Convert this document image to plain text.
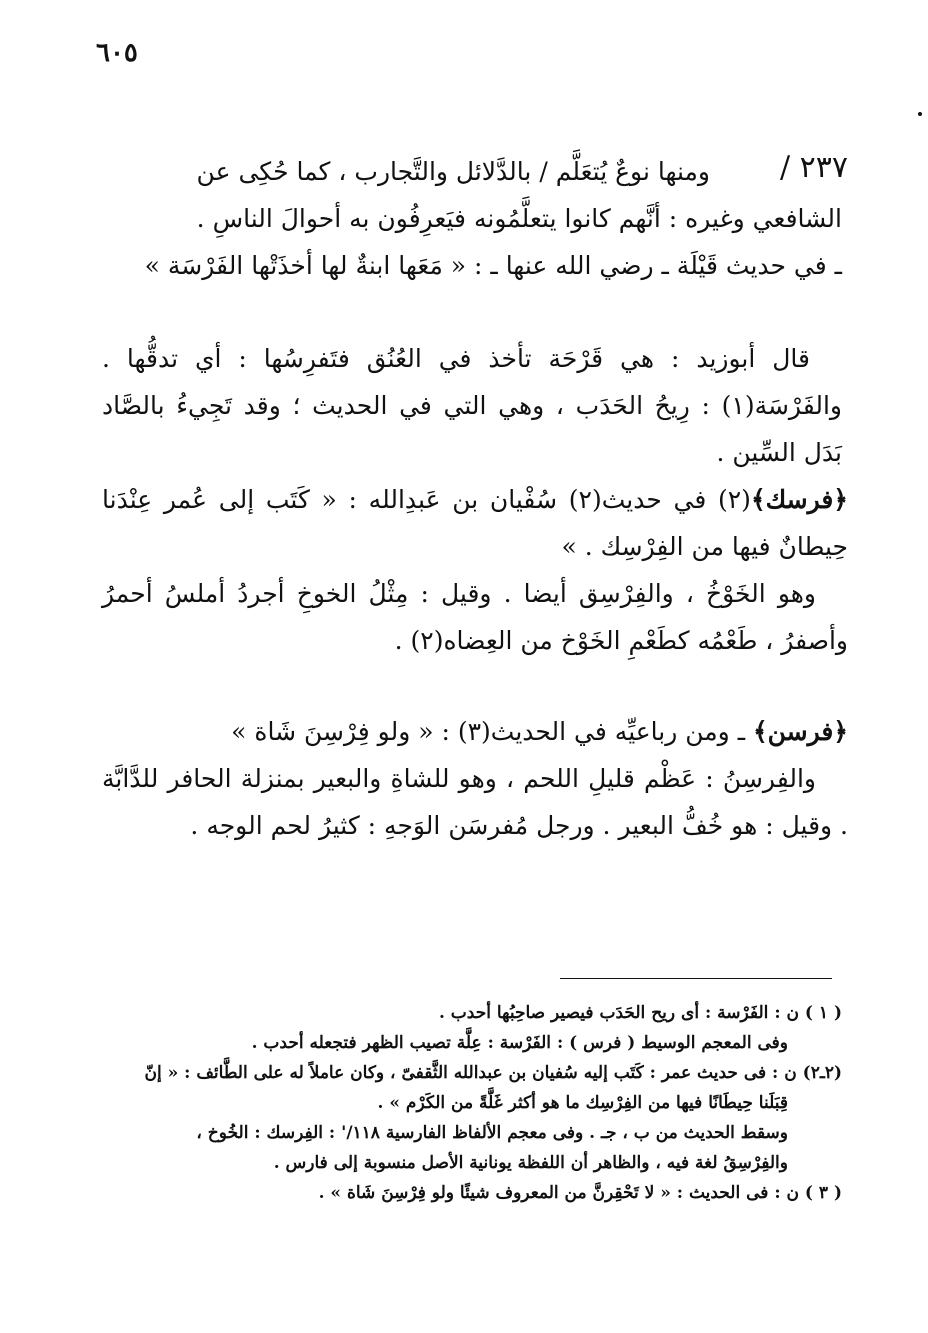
٦٠٥
٢٣٧ /

ومنها نوعٌ يُتعَلَّم / بالدَّلائل والتَّجارب ، كما حُكِى عن

الشافعي وغيره : أنَّهم كانوا يتعلَّمُونه فيَعرِفُون به أحوالَ الناسِ .

ـ في حديث قَيْلَة ـ رضي الله عنها ـ : « مَعَها ابنةٌ لها أخذَتْها الفَرْسَة »

قال أبوزيد : هي قَرْحَة تأخذ في العُنُق فتَفرِسُها : أي تدقُّها . والفَرْسَة(١) : رِيحُ الحَدَب ، وهي التي في الحديث ؛ وقد تَجِيءُ بالصَّاد بَدَل السِّين .

﴿فرسك﴾(٢) في حديث(٢) سُفْيان بن عَبدِالله : « كَتَب إلى عُمر عِنْدَنا حِيطانٌ فيها من الفِرْسِك . »

وهو الخَوْخُ ، والفِرْسِق أيضا . وقيل : مِثْلُ الخوخِ أجردُ أملسُ أحمرُ وأصفرُ ، طَعْمُه كطَعْمِ الخَوْخ من العِضاه(٢) .

﴿فرسن﴾ ـ ومن رباعيِّه في الحديث(٣) : « ولو فِرْسِنَ شَاة »

والفِرسِنُ : عَظْم قليلِ اللحم ، وهو للشاةِ والبعير بمنزلة الحافر للدَّابَّة . وقيل : هو خُفُّ البعير . ورجل مُفرسَن الوَجهِ : كثيرُ لحم الوجه .

( ١ ) ن : الفَرْسة : أى ريح الحَدَب فيصير صاحِبُها أحدب .

وفى المعجم الوسيط ( فرس ) : الفَرْسة : عِلَّة تصيب الظهر فتجعله أحدب .

(٢ـ٢) ن : فى حديث عمر : كَتَب إليه سُفيان بن عبدالله الثَّقفىّ ، وكان عاملاً له على الطَّائف : « إنّ

قِبَلَنا حِيطَانًا فيها من الفِرْسِك ما هو أكثر غَلَّةً من الكَرْم » .

وسقط الحديث من ب ، جـ . وفى معجم الألفاظ الفارسية ١١٨/' : الفِرسك : الخُوخ ،

والفِرْسِقُ لغة فيه ، والظاهر أن اللفظة يونانية الأصل منسوبة إلى فارس .

( ٣ ) ن : فى الحديث : « لا تَحْقِرنَّ من المعروف شيئًا ولو فِرْسِنَ شَاة » .
